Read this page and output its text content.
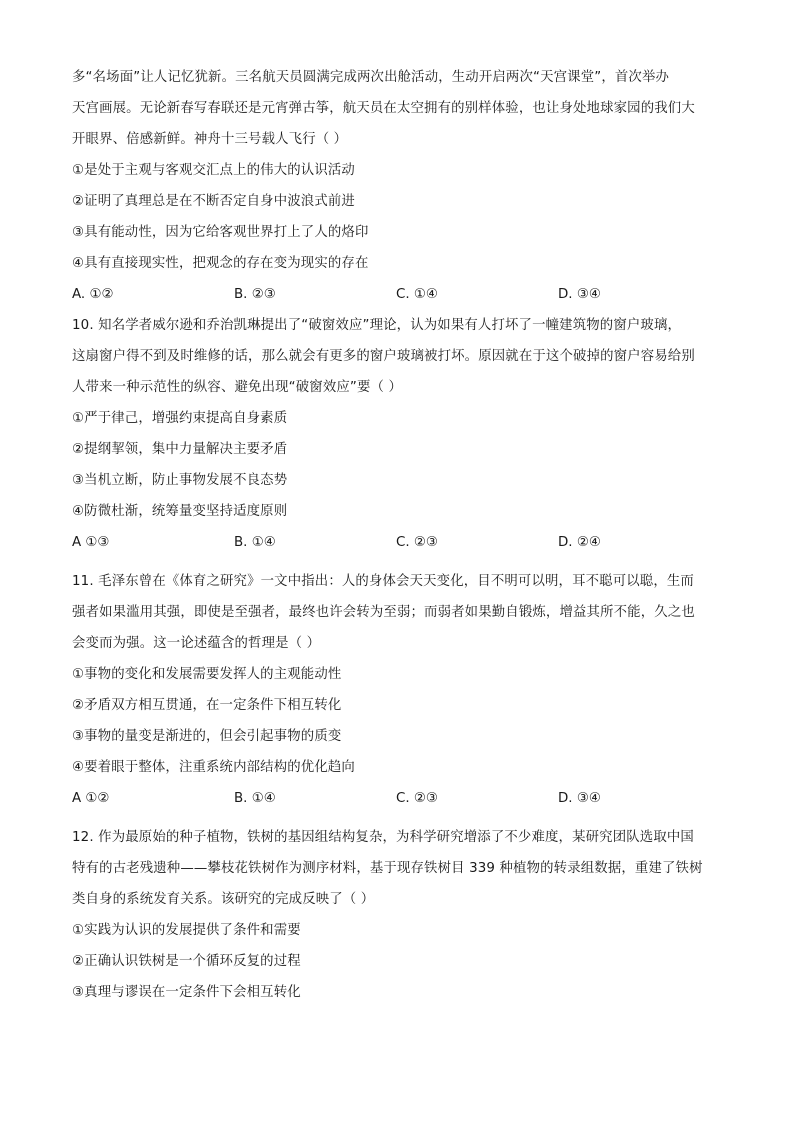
多“名场面”让人记忆犹新。三名航天员圆满完成两次出舱活动，生动开启两次“天宫课堂”，首次举办
天宫画展。无论新春写春联还是元宵弹古筝，航天员在太空拥有的别样体验，也让身处地球家园的我们大
开眼界、倍感新鲜。神舟十三号载人飞行（ ）
①是处于主观与客观交汇点上的伟大的认识活动
②证明了真理总是在不断否定自身中波浪式前进
③具有能动性，因为它给客观世界打上了人的烙印
④具有直接现实性，把观念的存在变为现实的存在
A. ①②	B. ②③	C. ①④	D. ③④
10. 知名学者威尔逊和乔治凯琳提出了“破窗效应”理论，认为如果有人打坏了一幢建筑物的窗户玻璃，
这扇窗户得不到及时维修的话，那么就会有更多的窗户玻璃被打坏。原因就在于这个破掉的窗户容易给别
人带来一种示范性的纵容、避免出现“破窗效应”要（ ）
①严于律己，增强约束提高自身素质
②提纲挈领，集中力量解决主要矛盾
③当机立断，防止事物发展不良态势
④防微杜渐，统筹量变坚持适度原则
A ①③	B. ①④	C. ②③	D. ②④
11. 毛泽东曾在《体育之研究》一文中指出：人的身体会天天变化，目不明可以明，耳不聪可以聪，生而
强者如果滥用其强，即使是至强者，最终也许会转为至弱；而弱者如果勤自锻炼，增益其所不能，久之也
会变而为强。这一论述蕴含的哲理是（ ）
①事物的变化和发展需要发挥人的主观能动性
②矛盾双方相互贯通，在一定条件下相互转化
③事物的量变是渐进的，但会引起事物的质变
④要着眼于整体，注重系统内部结构的优化趋向
A ①②	B. ①④	C. ②③	D. ③④
12. 作为最原始的种子植物，铁树的基因组结构复杂，为科学研究增添了不少难度，某研究团队选取中国
特有的古老残遗种——攀枝花铁树作为测序材料，基于现存铁树目 339 种植物的转录组数据，重建了铁树
类自身的系统发育关系。该研究的完成反映了（ ）
①实践为认识的发展提供了条件和需要
②正确认识铁树是一个循环反复的过程
③真理与谬误在一定条件下会相互转化
